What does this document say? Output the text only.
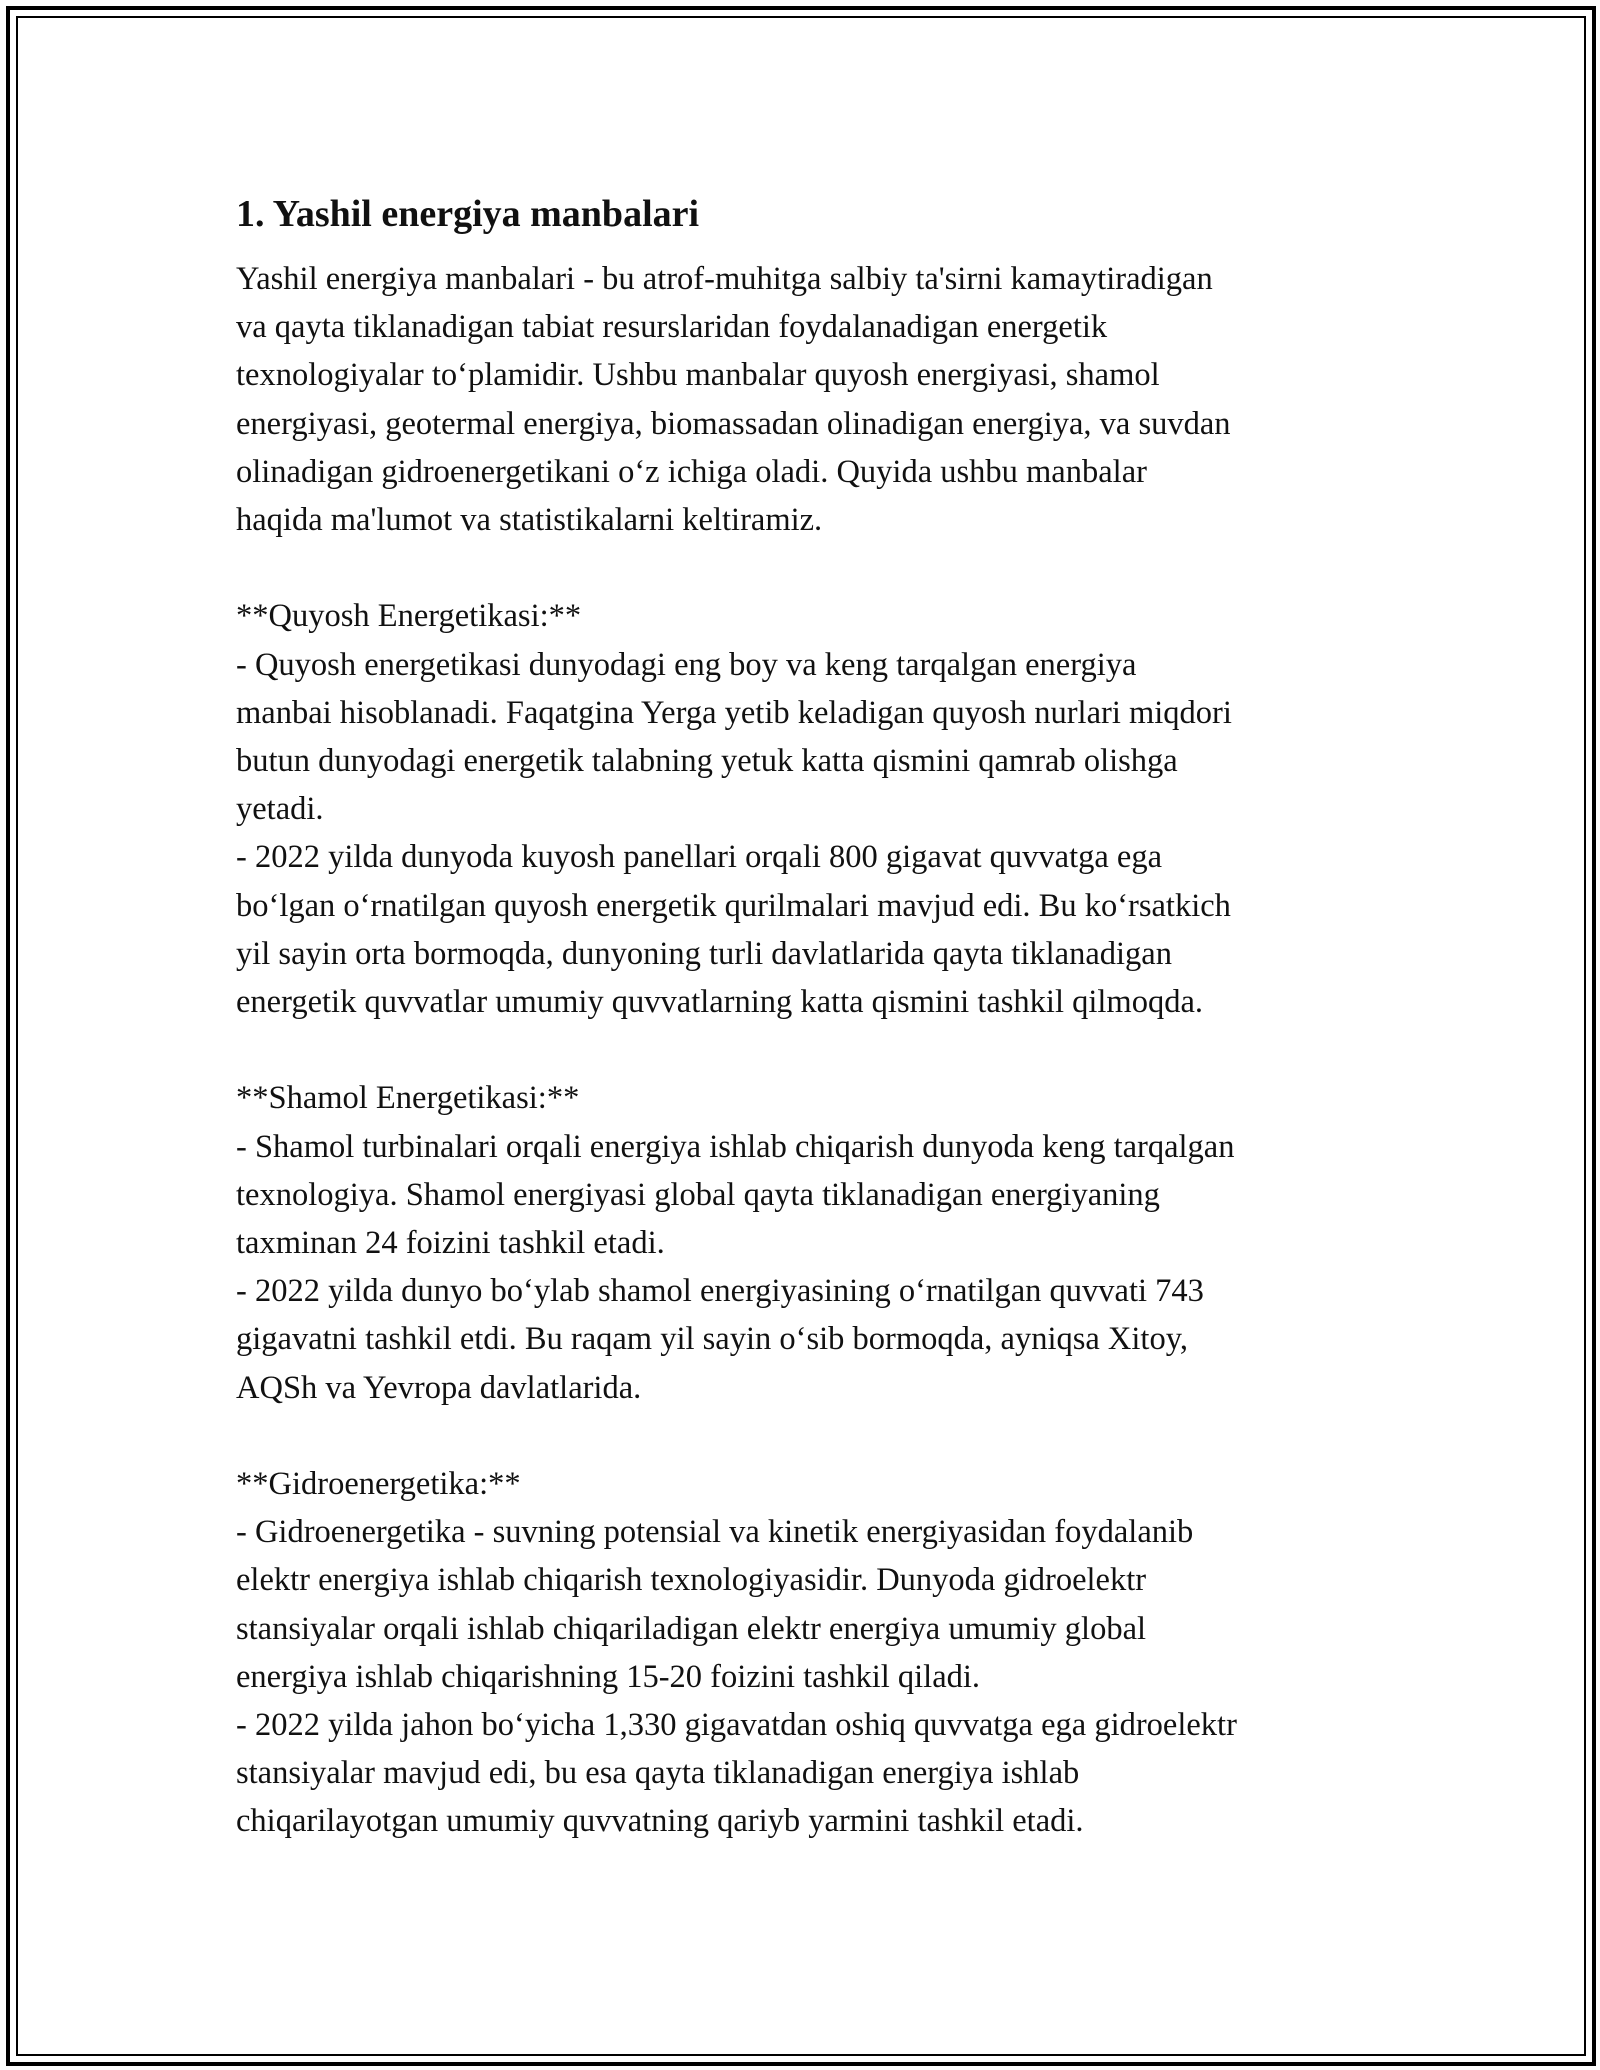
1. Yashil energiya manbalari
Yashil energiya manbalari - bu atrof-muhitga salbiy ta'sirni kamaytiradigan
va qayta tiklanadigan tabiat resurslaridan foydalanadigan energetik
texnologiyalar to‘plamidir. Ushbu manbalar quyosh energiyasi, shamol
energiyasi, geotermal energiya, biomassadan olinadigan energiya, va suvdan
olinadigan gidroenergetikani o‘z ichiga oladi. Quyida ushbu manbalar
haqida ma'lumot va statistikalarni keltiramiz.
**Quyosh Energetikasi:**
- Quyosh energetikasi dunyodagi eng boy va keng tarqalgan energiya
manbai hisoblanadi. Faqatgina Yerga yetib keladigan quyosh nurlari miqdori
butun dunyodagi energetik talabning yetuk katta qismini qamrab olishga
yetadi.
- 2022 yilda dunyoda kuyosh panellari orqali 800 gigavat quvvatga ega
bo‘lgan o‘rnatilgan quyosh energetik qurilmalari mavjud edi. Bu ko‘rsatkich
yil sayin orta bormoqda, dunyoning turli davlatlarida qayta tiklanadigan
energetik quvvatlar umumiy quvvatlarning katta qismini tashkil qilmoqda.
**Shamol Energetikasi:**
- Shamol turbinalari orqali energiya ishlab chiqarish dunyoda keng tarqalgan
texnologiya. Shamol energiyasi global qayta tiklanadigan energiyaning
taxminan 24 foizini tashkil etadi.
- 2022 yilda dunyo bo‘ylab shamol energiyasining o‘rnatilgan quvvati 743
gigavatni tashkil etdi. Bu raqam yil sayin o‘sib bormoqda, ayniqsa Xitoy,
AQSh va Yevropa davlatlarida.
**Gidroenergetika:**
- Gidroenergetika - suvning potensial va kinetik energiyasidan foydalanib
elektr energiya ishlab chiqarish texnologiyasidir. Dunyoda gidroelektr
stansiyalar orqali ishlab chiqariladigan elektr energiya umumiy global
energiya ishlab chiqarishning 15-20 foizini tashkil qiladi.
- 2022 yilda jahon bo‘yicha 1,330 gigavatdan oshiq quvvatga ega gidroelektr
stansiyalar mavjud edi, bu esa qayta tiklanadigan energiya ishlab
chiqarilayotgan umumiy quvvatning qariyb yarmini tashkil etadi.
